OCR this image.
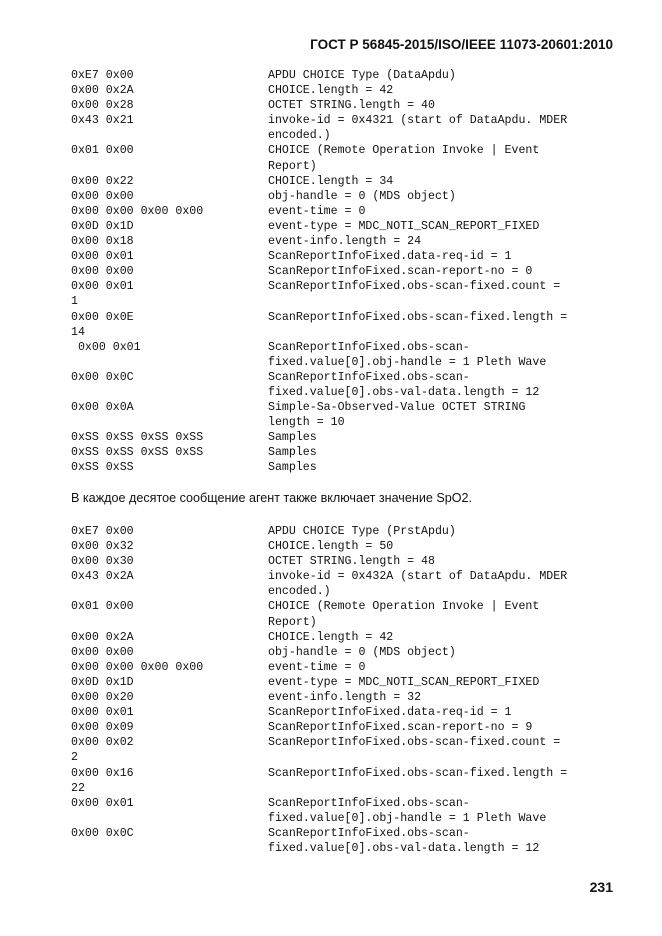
ГОСТ Р 56845-2015/ISO/IEEE 11073-20601:2010
0xE7 0x00	APDU CHOICE Type (DataApdu)
0x00 0x2A	CHOICE.length = 42
0x00 0x28	OCTET STRING.length = 40
0x43 0x21	invoke-id = 0x4321 (start of DataApdu. MDER
encoded.)
0x01 0x00	CHOICE (Remote Operation Invoke | Event
Report)
0x00 0x22	CHOICE.length = 34
0x00 0x00	obj-handle = 0 (MDS object)
0x00 0x00 0x00 0x00	event-time = 0
0x0D 0x1D	event-type = MDC_NOTI_SCAN_REPORT_FIXED
0x00 0x18	event-info.length = 24
0x00 0x01	ScanReportInfoFixed.data-req-id = 1
0x00 0x00	ScanReportInfoFixed.scan-report-no = 0
0x00 0x01	ScanReportInfoFixed.obs-scan-fixed.count =
1
0x00 0x0E	ScanReportInfoFixed.obs-scan-fixed.length =
14
0x00 0x01	ScanReportInfoFixed.obs-scan-
fixed.value[0].obj-handle = 1 Pleth Wave
0x00 0x0C	ScanReportInfoFixed.obs-scan-
fixed.value[0].obs-val-data.length = 12
0x00 0x0A	Simple-Sa-Observed-Value OCTET STRING
length = 10
0xSS 0xSS 0xSS 0xSS	Samples
0xSS 0xSS 0xSS 0xSS	Samples
0xSS 0xSS	Samples
В каждое десятое сообщение агент также включает значение SpO2.
0xE7 0x00	APDU CHOICE Type (PrstApdu)
0x00 0x32	CHOICE.length = 50
0x00 0x30	OCTET STRING.length = 48
0x43 0x2A	invoke-id = 0x432A (start of DataApdu. MDER
encoded.)
0x01 0x00	CHOICE (Remote Operation Invoke | Event
Report)
0x00 0x2A	CHOICE.length = 42
0x00 0x00	obj-handle = 0 (MDS object)
0x00 0x00 0x00 0x00	event-time = 0
0x0D 0x1D	event-type = MDC_NOTI_SCAN_REPORT_FIXED
0x00 0x20	event-info.length = 32
0x00 0x01	ScanReportInfoFixed.data-req-id = 1
0x00 0x09	ScanReportInfoFixed.scan-report-no = 9
0x00 0x02	ScanReportInfoFixed.obs-scan-fixed.count =
2
0x00 0x16	ScanReportInfoFixed.obs-scan-fixed.length =
22
0x00 0x01	ScanReportInfoFixed.obs-scan-
fixed.value[0].obj-handle = 1 Pleth Wave
0x00 0x0C	ScanReportInfoFixed.obs-scan-
fixed.value[0].obs-val-data.length = 12
231
